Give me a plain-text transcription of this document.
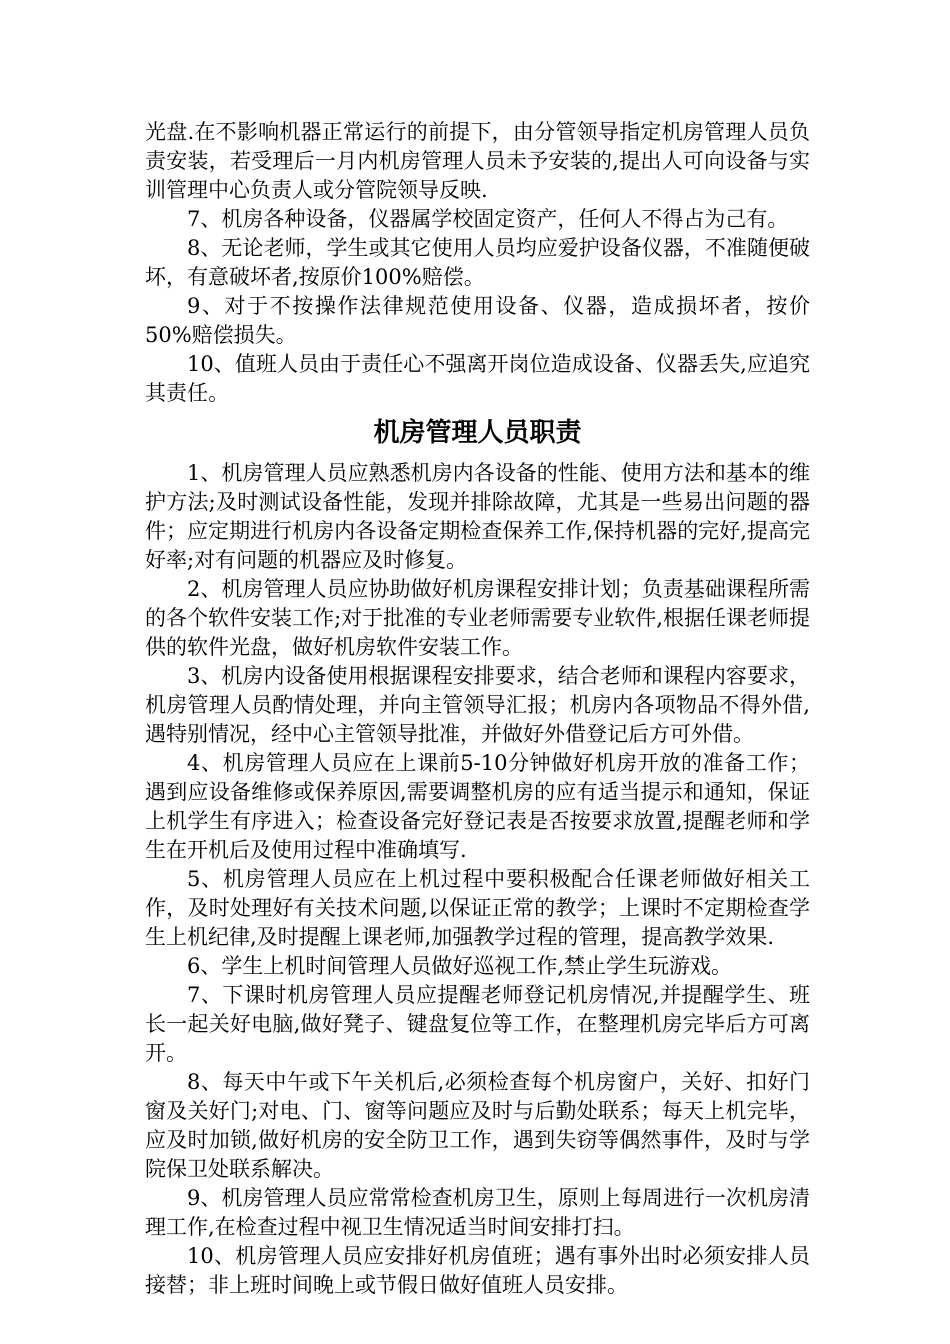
光盘.在不影响机器正常运行的前提下，由分管领导指定机房管理人员负责安装，若受理后一月内机房管理人员未予安装的,提出人可向设备与实训管理中心负责人或分管院领导反映.

7、机房各种设备，仪器属学校固定资产，任何人不得占为己有。

8、无论老师，学生或其它使用人员均应爱护设备仪器，不准随便破坏，有意破坏者,按原价100%赔偿。

9、对于不按操作法律规范使用设备、仪器，造成损坏者，按价50%赔偿损失。

10、值班人员由于责任心不强离开岗位造成设备、仪器丢失,应追究其责任。

机房管理人员职责

1、机房管理人员应熟悉机房内各设备的性能、使用方法和基本的维护方法;及时测试设备性能，发现并排除故障，尤其是一些易出问题的器件；应定期进行机房内各设备定期检查保养工作,保持机器的完好,提高完好率;对有问题的机器应及时修复。

2、机房管理人员应协助做好机房课程安排计划；负责基础课程所需的各个软件安装工作;对于批准的专业老师需要专业软件,根据任课老师提供的软件光盘，做好机房软件安装工作。

3、机房内设备使用根据课程安排要求，结合老师和课程内容要求，机房管理人员酌情处理，并向主管领导汇报；机房内各项物品不得外借,遇特别情况，经中心主管领导批准，并做好外借登记后方可外借。

4、机房管理人员应在上课前5-10分钟做好机房开放的准备工作；遇到应设备维修或保养原因,需要调整机房的应有适当提示和通知，保证上机学生有序进入；检查设备完好登记表是否按要求放置,提醒老师和学生在开机后及使用过程中准确填写.

5、机房管理人员应在上机过程中要积极配合任课老师做好相关工作，及时处理好有关技术问题,以保证正常的教学；上课时不定期检查学生上机纪律,及时提醒上课老师,加强教学过程的管理，提高教学效果.

6、学生上机时间管理人员做好巡视工作,禁止学生玩游戏。

7、下课时机房管理人员应提醒老师登记机房情况,并提醒学生、班长一起关好电脑,做好凳子、键盘复位等工作，在整理机房完毕后方可离开。

8、每天中午或下午关机后,必须检查每个机房窗户，关好、扣好门窗及关好门;对电、门、窗等问题应及时与后勤处联系；每天上机完毕，应及时加锁,做好机房的安全防卫工作，遇到失窃等偶然事件，及时与学院保卫处联系解决。

9、机房管理人员应常常检查机房卫生，原则上每周进行一次机房清理工作,在检查过程中视卫生情况适当时间安排打扫。

10、机房管理人员应安排好机房值班；遇有事外出时必须安排人员接替；非上班时间晚上或节假日做好值班人员安排。
